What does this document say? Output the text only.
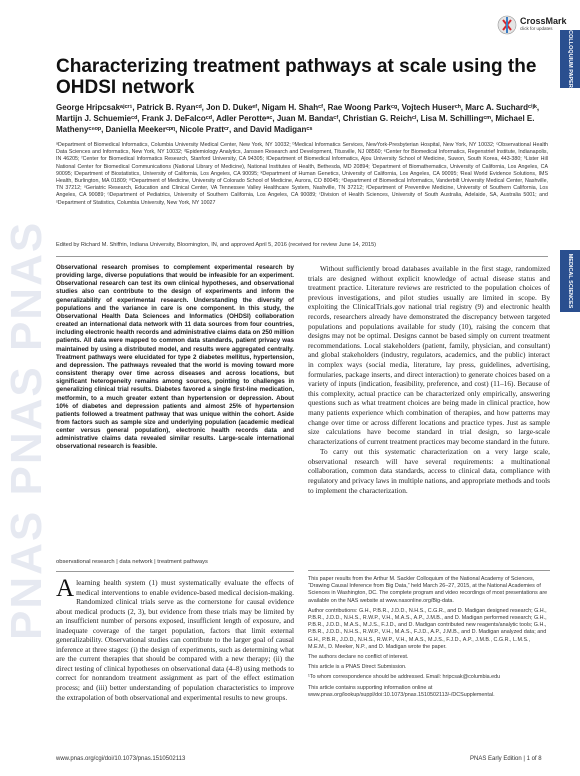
PNAS PNAS PNAS
CrossMark
click for updates
COLLOQUIUM PAPER
MEDICAL SCIENCES
Characterizing treatment pathways at scale using the OHDSI network
George Hripcsakᵃʲᶜʳ¹, Patrick B. Ryanᶜᵈ, Jon D. Dukeᵉᶠ, Nigam H. Shahᶜᶠ, Rae Woong Parkᶜᵍ, Vojtech Huserᶜʰ, Marc A. Suchardᶜⁱʲᵏ, Martijn J. Schuemieᶜᵈ, Frank J. DeFalcoᶜᵈ, Adler Perotteᵃᶜ, Juan M. Bandaᶜᶠ, Christian G. Reichᶜˡ, Lisa M. Schillingᶜᵐ, Michael E. Mathenyᶜⁿᵒᵖ, Daniella Meekerᶜᵖᵑ, Nicole Prattᶜʳ, and David Madiganᶜˢ
ᵃDepartment of Biomedical Informatics, Columbia University Medical Center, New York, NY 10032; ᵇMedical Informatics Services, NewYork-Presbyterian Hospital, New York, NY 10032; ᶜObservational Health Data Sciences and Informatics, New York, NY 10032; ᵈEpidemiology Analytics, Janssen Research and Development, Titusville, NJ 08560; ᵉCenter for Biomedical Informatics, Regenstrief Institute, Indianapolis, IN 46205; ᶠCenter for Biomedical Informatics Research, Stanford University, CA 94305; ᵍDepartment of Biomedical Informatics, Ajou University School of Medicine, Suwon, South Korea, 443-380; ʰLister Hill National Center for Biomedical Communications (National Library of Medicine), National Institutes of Health, Bethesda, MD 20894; ⁱDepartment of Biomathematics, University of California, Los Angeles, CA 90095; ʲDepartment of Biostatistics, University of California, Los Angeles, CA 90095; ᵏDepartment of Human Genetics, University of California, Los Angeles, CA 90095; ˡReal World Evidence Solutions, IMS Health, Burlington, MA 01809; ᵐDepartment of Medicine, University of Colorado School of Medicine, Aurora, CO 80045; ⁿDepartment of Biomedical Informatics, Vanderbilt University Medical Center, Nashville, TN 37212; ᵒGeriatric Research, Education and Clinical Center, VA Tennessee Valley Healthcare System, Nashville, TN 37212; ᵖDepartment of Preventive Medicine, University of Southern California, Los Angeles, CA 90089; ᵑDepartment of Pediatrics, University of Southern California, Los Angeles, CA 90089; ʳDivision of Health Sciences, University of South Australia, Adelaide, SA, Australia 5001; and ˢDepartment of Statistics, Columbia University, New York, NY 10027
Edited by Richard M. Shiffrin, Indiana University, Bloomington, IN, and approved April 5, 2016 (received for review June 14, 2015)
Observational research promises to complement experimental research by providing large, diverse populations that would be infeasible for an experiment. Observational research can test its own clinical hypotheses, and observational studies also can contribute to the design of experiments and inform the generalizability of experimental research. Understanding the diversity of populations and the variance in care is one component. In this study, the Observational Health Data Sciences and Informatics (OHDSI) collaboration created an international data network with 11 data sources from four countries, including electronic health records and administrative claims data on 250 million patients. All data were mapped to common data standards, patient privacy was maintained by using a distributed model, and results were aggregated centrally. Treatment pathways were elucidated for type 2 diabetes mellitus, hypertension, and depression. The pathways revealed that the world is moving toward more consistent therapy over time across diseases and across locations, but significant heterogeneity remains among sources, pointing to challenges in generalizing clinical trial results. Diabetes favored a single first-line medication, metformin, to a much greater extent than hypertension or depression. About 10% of diabetes and depression patients and almost 25% of hypertension patients followed a treatment pathway that was unique within the cohort. Aside from factors such as sample size and underlying population (academic medical center versus general population), electronic health records data and administrative claims data revealed similar results. Large-scale international observational research is feasible.
observational research | data network | treatment pathways
Alearning health system (1) must systematically evaluate the effects of medical interventions to enable evidence-based medical decision-making. Randomized clinical trials serve as the cornerstone for causal evidence about medical products (2, 3), but evidence from these trials may be limited by an insufficient number of persons exposed, insufficient length of exposure, and inadequate coverage of the target population, factors that limit external generalizability. Observational studies can contribute to the larger goal of causal inference at three stages: (i) the design of experiments, such as determining what are the current therapies that should be compared with a new therapy; (ii) the direct testing of clinical hypotheses on observational data (4–8) using methods to correct for nonrandom treatment assignment as part of the effect estimation process; and (iii) better understanding of population characteristics to improve the extrapolation of both observational and experimental results to new groups.

Without sufficiently broad databases available in the first stage, randomized trials are designed without explicit knowledge of actual disease status and treatment practice. Literature reviews are restricted to the population choices of previous investigations, and pilot studies usually are limited in scope. By exploiting the ClinicalTrials.gov national trial registry (9) and electronic health records, researchers already have demonstrated the discrepancy between targeted populations and populations available for study (10), raising the concern that designs may not be optimal. Designs cannot be based simply on current treatment recommendations. Local stakeholders (patient, family, physician, and consultant) and global stakeholders (industry, regulators, academics, and the public) interact in complex ways (social media, literature, lay press, guidelines, advertising, formularies, package inserts, and direct interaction) to generate choices based on a variety of inputs (indication, feasibility, preference, and cost) (11–16). Because of this complexity, actual practice can be characterized only empirically, answering questions such as what treatment choices are being made in clinical practice, how many patients experience which combination of therapies, and how patterns may change over time or across different locations and practice types. Just as sample size calculations have become standard in trial design, so large-scale characterizations of current treatment practices may become standard in the future.

To carry out this systematic characterization on a very large scale, observational research will have several requirements: a multinational collaboration, common data standards, access to clinical data, compliance with regulatory and privacy laws in multiple nations, and appropriate methods and tools to implement the characterization.

This paper results from the Arthur M. Sackler Colloquium of the National Academy of Sciences, “Drawing Causal Inference from Big Data,” held March 26–27, 2015, at the National Academies of Sciences in Washington, DC. The complete program and video recordings of most presentations are available on the NAS website at www.nasonline.org/Big-data.

Author contributions: G.H., P.B.R., J.D.D., N.H.S., C.G.R., and D. Madigan designed research; G.H., P.B.R., J.D.D., N.H.S., R.W.P., V.H., M.A.S., A.P., J.M.B., and D. Madigan performed research; G.H., P.B.R., J.D.D., M.A.S., M.J.S., F.J.D., and D. Madigan contributed new reagents/analytic tools; G.H., P.B.R., J.D.D., N.H.S., R.W.P., V.H., M.A.S., F.J.D., A.P., J.M.B., and D. Madigan analyzed data; and G.H., P.B.R., J.D.D., N.H.S., R.W.P., V.H., M.A.S., M.J.S., F.J.D., A.P., J.M.B., C.G.R., L.M.S., M.E.M., D. Meeker, N.P., and D. Madigan wrote the paper.

The authors declare no conflict of interest.

This article is a PNAS Direct Submission.

¹To whom correspondence should be addressed. Email: hripcsak@columbia.edu

This article contains supporting information online at www.pnas.org/lookup/suppl/doi:10.1073/pnas.1510502113/-/DCSupplemental.

www.pnas.org/cgi/doi/10.1073/pnas.1510502113	PNAS Early Edition | 1 of 8
